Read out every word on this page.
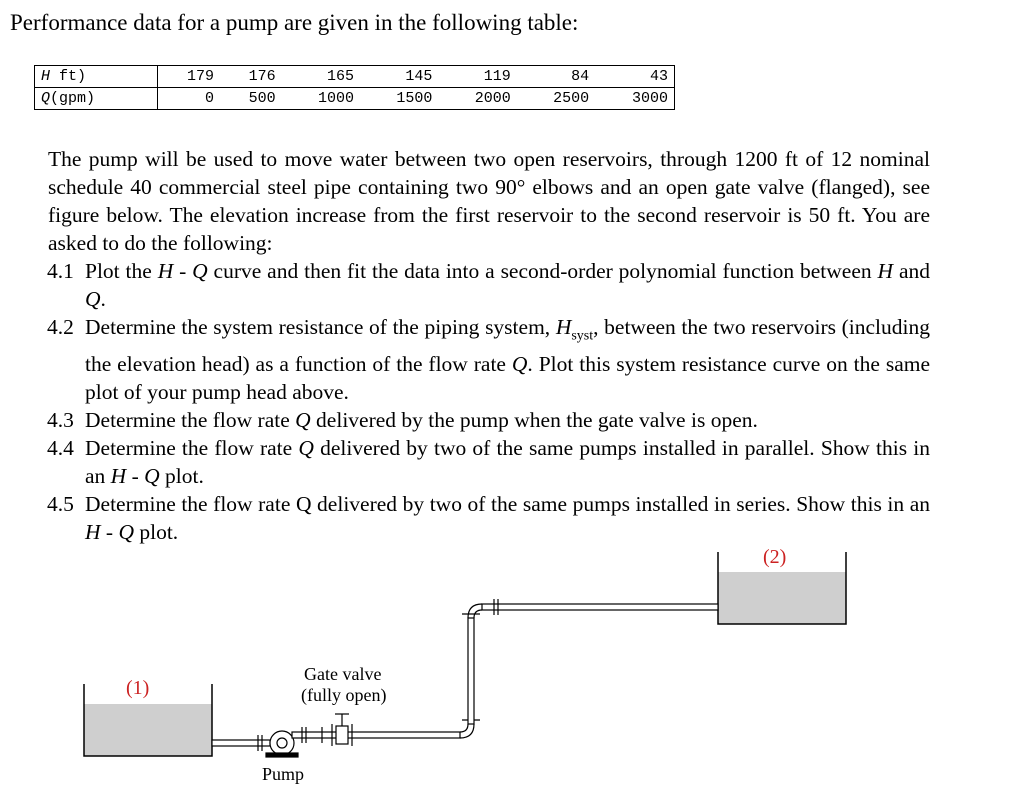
Performance data for a pump are given in the following table:
H ft)	179	176	165	145	119	84	43
Q(gpm)	0	500	1000	1500	2000	2500	3000

The pump will be used to move water between two open reservoirs, through 1200 ft of 12 nominal schedule 40 commercial steel pipe containing two 90° elbows and an open gate valve (flanged), see figure below. The elevation increase from the first reservoir to the second reservoir is 50 ft. You are asked to do the following:

4.1 Plot the H - Q curve and then fit the data into a second-order polynomial function between H and Q.
4.2 Determine the system resistance of the piping system, $H_{syst}$, between the two reservoirs (including the elevation head) as a function of the flow rate Q. Plot this system resistance curve on the same plot of your pump head above.
4.3 Determine the flow rate Q delivered by the pump when the gate valve is open.
4.4 Determine the flow rate Q delivered by two of the same pumps installed in parallel. Show this in an H - Q plot.
4.5 Determine the flow rate Q delivered by two of the same pumps installed in series. Show this in an H - Q plot.
(1)
(2)
Gate valve
(fully open)
Pump
